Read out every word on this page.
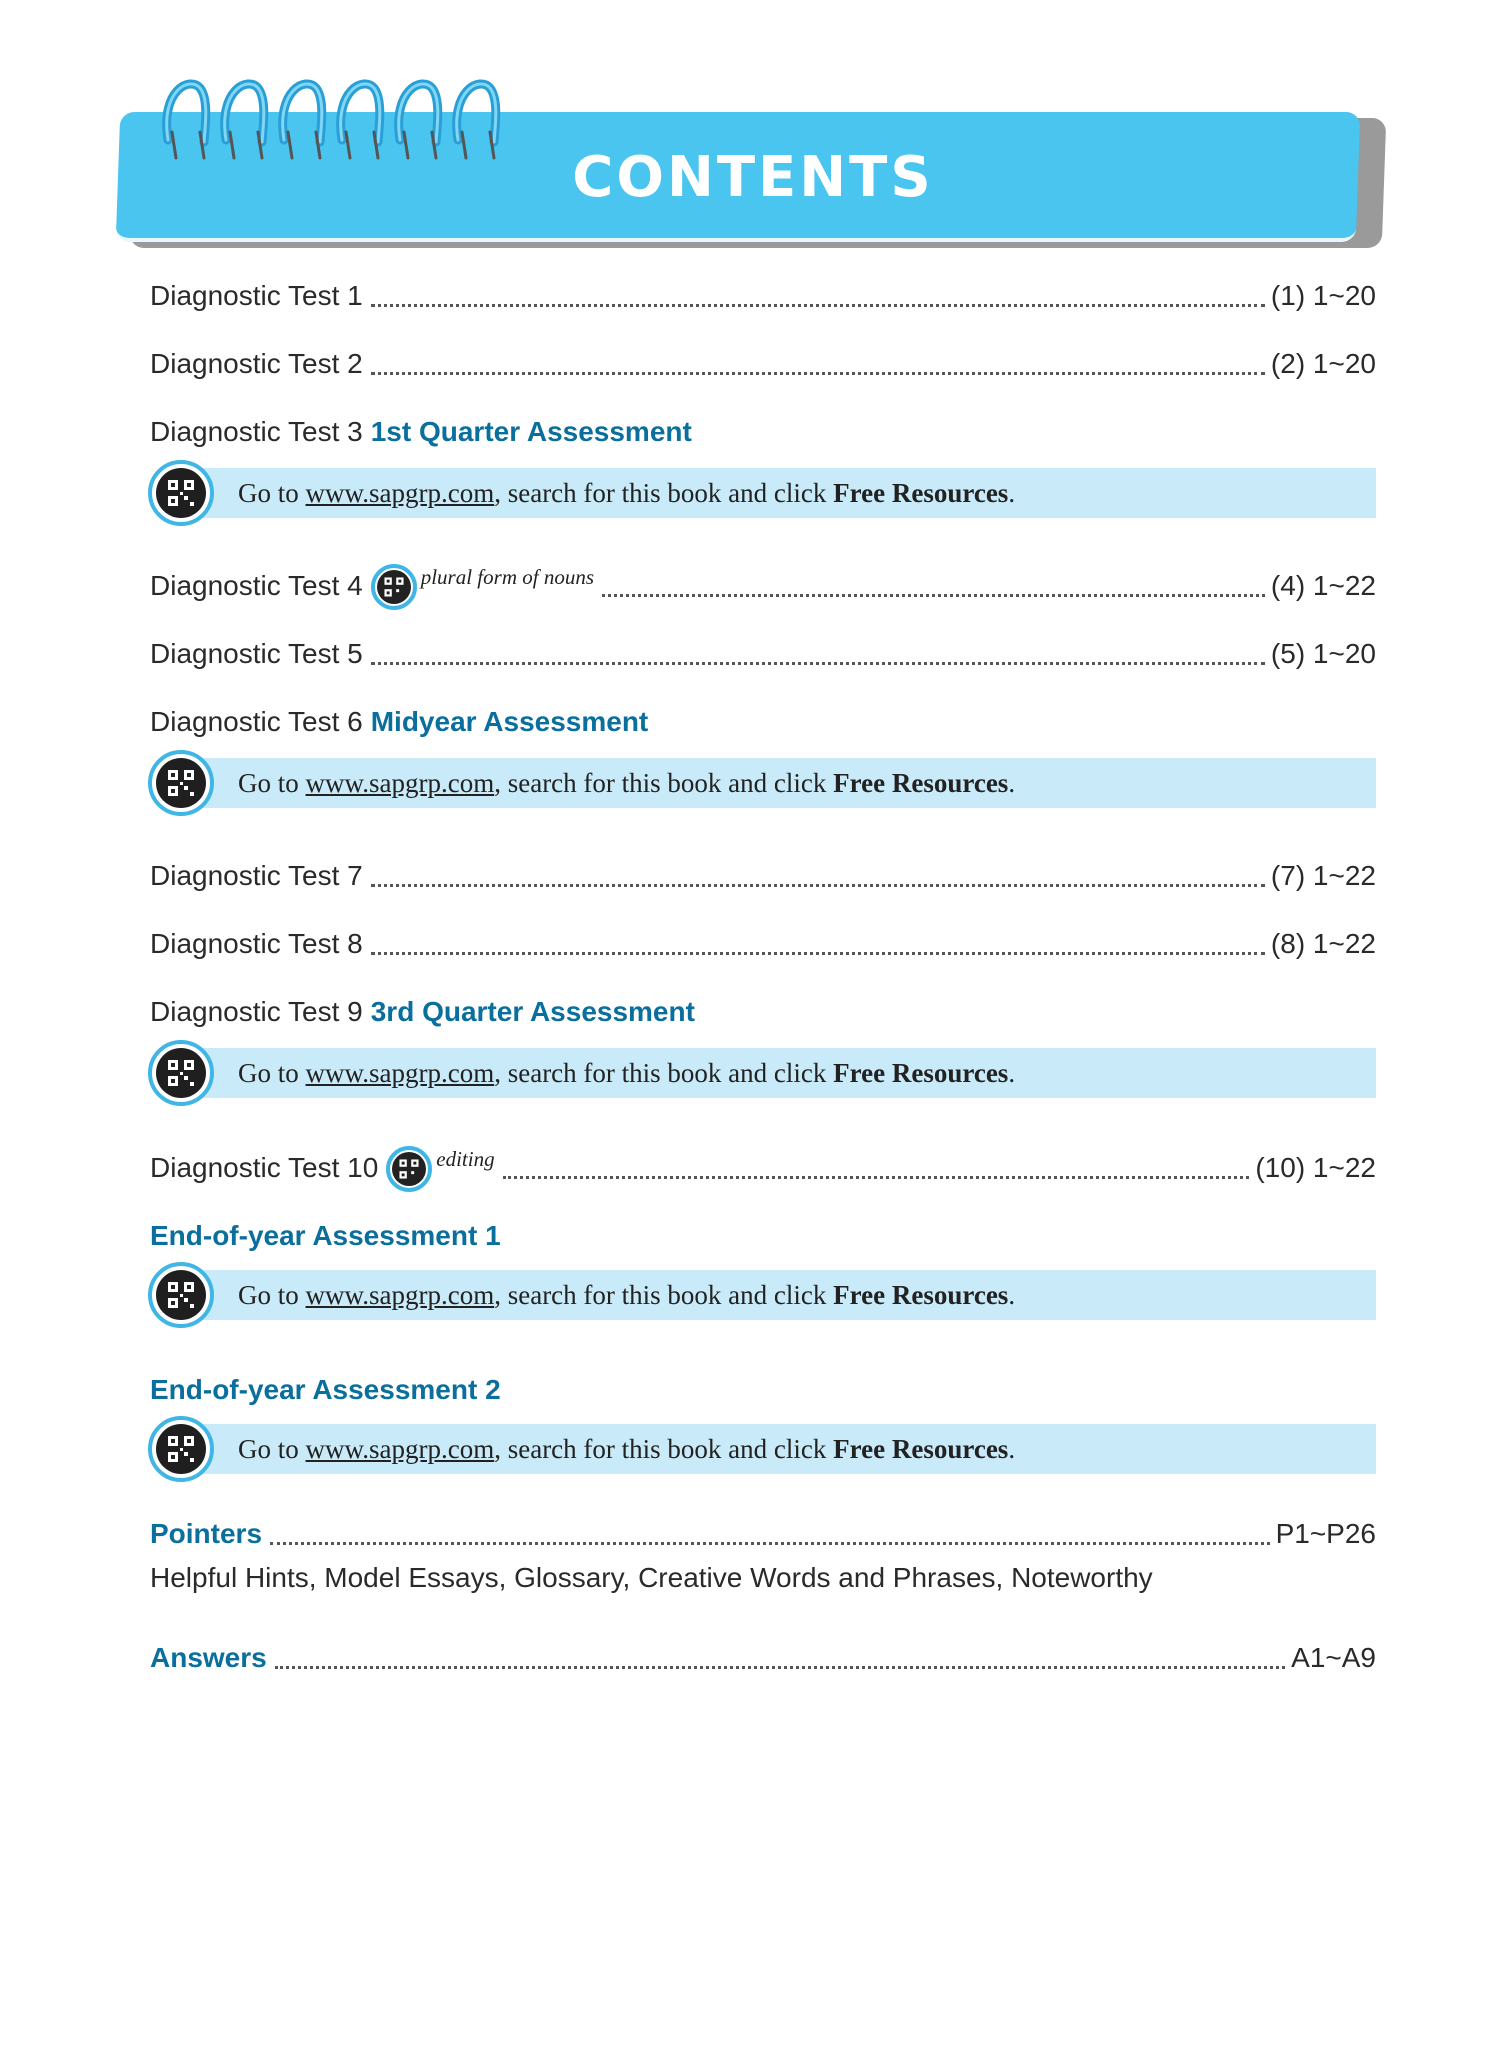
CONTENTS
Diagnostic Test 1	(1) 1~20
Diagnostic Test 2	(2) 1~20
Diagnostic Test 3 1st Quarter Assessment
Go to www.sapgrp.com, search for this book and click Free Resources.
Diagnostic Test 4	plural form of nouns	(4) 1~22
Diagnostic Test 5	(5) 1~20
Diagnostic Test 6 Midyear Assessment
Go to www.sapgrp.com, search for this book and click Free Resources.
Diagnostic Test 7	(7) 1~22
Diagnostic Test 8	(8) 1~22
Diagnostic Test 9 3rd Quarter Assessment
Go to www.sapgrp.com, search for this book and click Free Resources.
Diagnostic Test 10	editing	(10) 1~22
End-of-year Assessment 1
Go to www.sapgrp.com, search for this book and click Free Resources.
End-of-year Assessment 2
Go to www.sapgrp.com, search for this book and click Free Resources.
Pointers	P1~P26
Helpful Hints, Model Essays, Glossary, Creative Words and Phrases, Noteworthy
Answers	A1~A9
